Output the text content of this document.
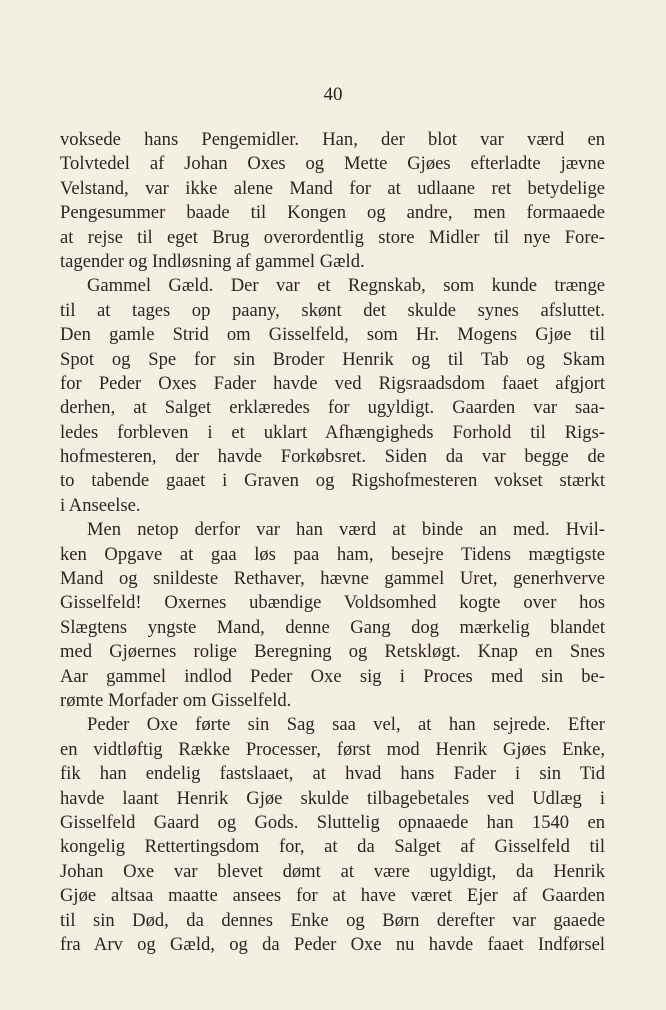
40
voksede hans Pengemidler. Han, der blot var værd en
Tolvtedel af Johan Oxes og Mette Gjøes efterladte jævne
Velstand, var ikke alene Mand for at udlaane ret betydelige
Pengesummer baade til Kongen og andre, men formaaede
at rejse til eget Brug overordentlig store Midler til nye Fore-
tagender og Indløsning af gammel Gæld.
Gammel Gæld. Der var et Regnskab, som kunde trænge
til at tages op paany, skønt det skulde synes afsluttet.
Den gamle Strid om Gisselfeld, som Hr. Mogens Gjøe til
Spot og Spe for sin Broder Henrik og til Tab og Skam
for Peder Oxes Fader havde ved Rigsraadsdom faaet afgjort
derhen, at Salget erklæredes for ugyldigt. Gaarden var saa-
ledes forbleven i et uklart Afhængigheds Forhold til Rigs-
hofmesteren, der havde Forkøbsret. Siden da var begge de
to tabende gaaet i Graven og Rigshofmesteren vokset stærkt
i Anseelse.
Men netop derfor var han værd at binde an med. Hvil-
ken Opgave at gaa løs paa ham, besejre Tidens mægtigste
Mand og snildeste Rethaver, hævne gammel Uret, generhverve
Gisselfeld! Oxernes ubændige Voldsomhed kogte over hos
Slægtens yngste Mand, denne Gang dog mærkelig blandet
med Gjøernes rolige Beregning og Retskløgt. Knap en Snes
Aar gammel indlod Peder Oxe sig i Proces med sin be-
rømte Morfader om Gisselfeld.
Peder Oxe førte sin Sag saa vel, at han sejrede. Efter
en vidtløftig Række Processer, først mod Henrik Gjøes Enke,
fik han endelig fastslaaet, at hvad hans Fader i sin Tid
havde laant Henrik Gjøe skulde tilbagebetales ved Udlæg i
Gisselfeld Gaard og Gods. Sluttelig opnaaede han 1540 en
kongelig Rettertingsdom for, at da Salget af Gisselfeld til
Johan Oxe var blevet dømt at være ugyldigt, da Henrik
Gjøe altsaa maatte ansees for at have været Ejer af Gaarden
til sin Død, da dennes Enke og Børn derefter var gaaede
fra Arv og Gæld, og da Peder Oxe nu havde faaet Indførsel
